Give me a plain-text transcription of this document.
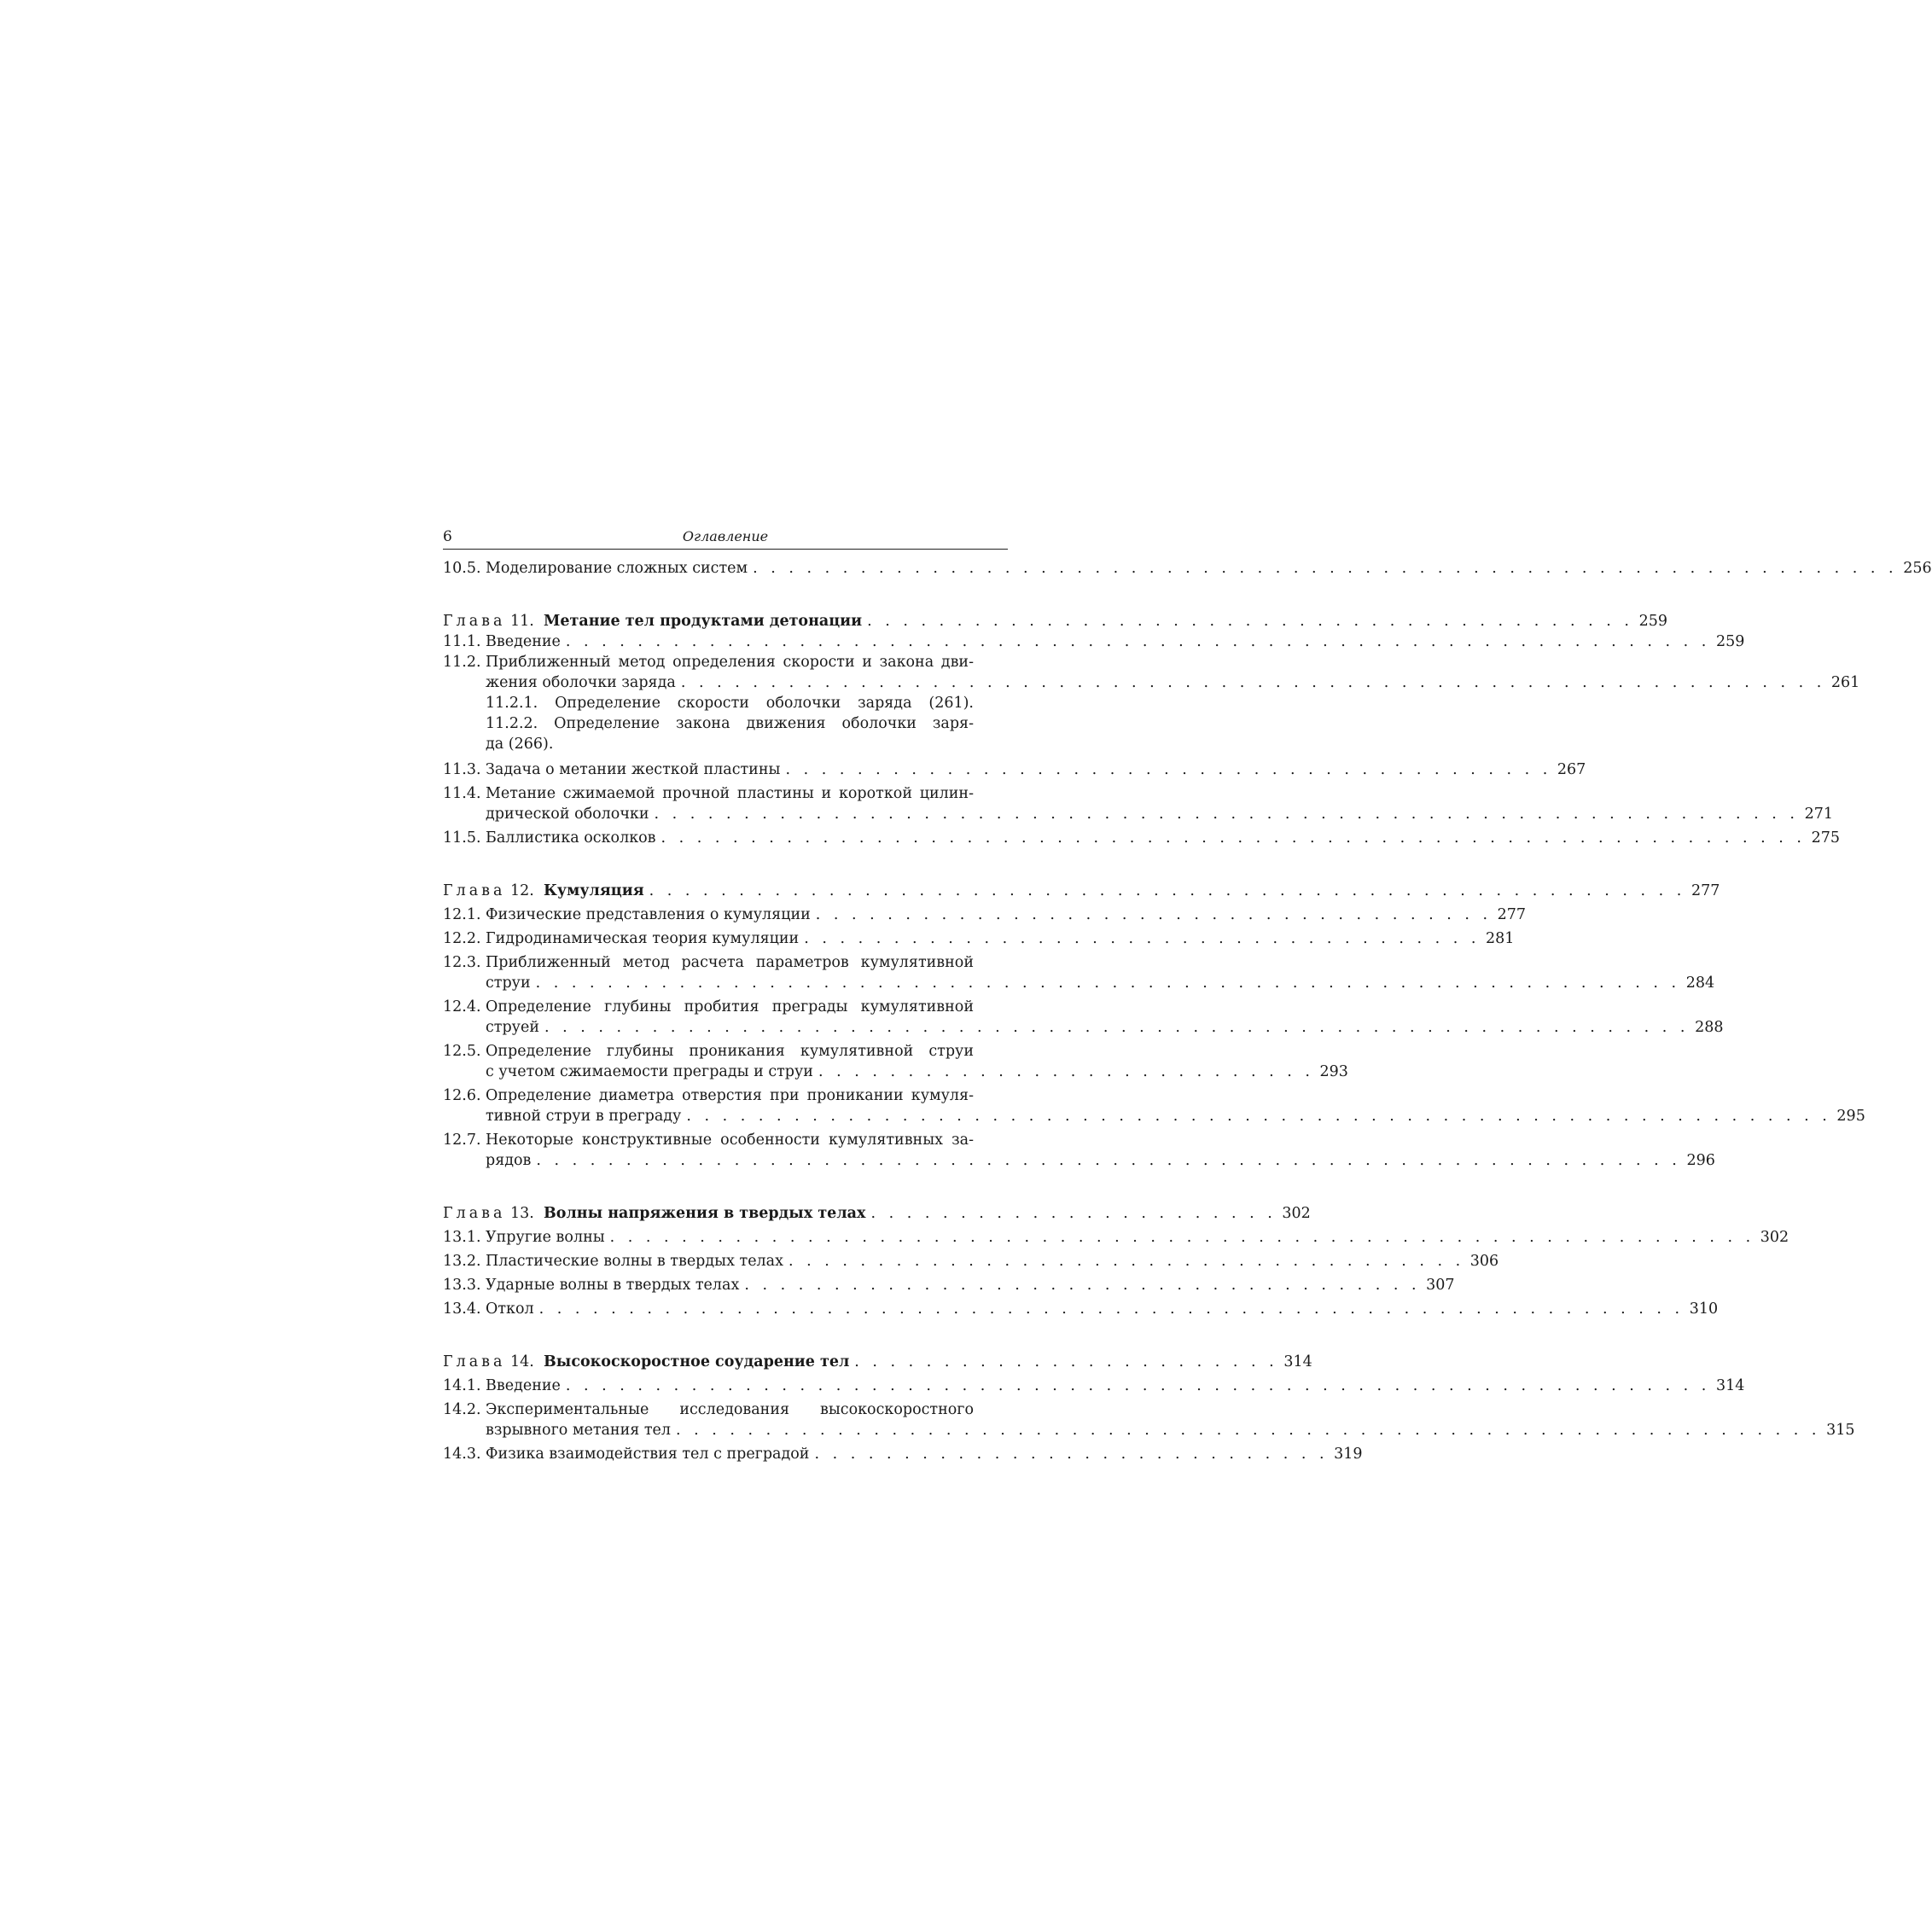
6	Оглавление
10.5. Моделирование сложных систем . . . . . . . . . . . . . . . . . . . . . . . . . . . . . . . . . . . . . . . . . . . . . . . . . . . . . . . . . . . . . . . . 256
Глава 11. Метание тел продуктами детонации . . . . . . . . . . . . . . . . . . . . . . . . . . . . . . . . . . . . . . . . . . . 259
11.1. Введение . . . . . . . . . . . . . . . . . . . . . . . . . . . . . . . . . . . . . . . . . . . . . . . . . . . . . . . . . . . . . . . . 259
11.2. Приближенный метод определения скорости и закона дви-
жения оболочки заряда . . . . . . . . . . . . . . . . . . . . . . . . . . . . . . . . . . . . . . . . . . . . . . . . . . . . . . . . . . . . . . . . 261
11.2.1. Определение скорости оболочки заряда (261).
11.2.2. Определение закона движения оболочки заря-
да (266).
11.3. Задача о метании жесткой пластины . . . . . . . . . . . . . . . . . . . . . . . . . . . . . . . . . . . . . . . . . . . 267
11.4. Метание сжимаемой прочной пластины и короткой цилин-
дрической оболочки . . . . . . . . . . . . . . . . . . . . . . . . . . . . . . . . . . . . . . . . . . . . . . . . . . . . . . . . . . . . . . . . 271
11.5. Баллистика осколков . . . . . . . . . . . . . . . . . . . . . . . . . . . . . . . . . . . . . . . . . . . . . . . . . . . . . . . . . . . . . . . . 275
Глава 12. Кумуляция . . . . . . . . . . . . . . . . . . . . . . . . . . . . . . . . . . . . . . . . . . . . . . . . . . . . . . . . . . 277
12.1. Физические представления о кумуляции . . . . . . . . . . . . . . . . . . . . . . . . . . . . . . . . . . . . . . 277
12.2. Гидродинамическая теория кумуляции . . . . . . . . . . . . . . . . . . . . . . . . . . . . . . . . . . . . . . 281
12.3. Приближенный метод расчета параметров кумулятивной
струи . . . . . . . . . . . . . . . . . . . . . . . . . . . . . . . . . . . . . . . . . . . . . . . . . . . . . . . . . . . . . . . . 284
12.4. Определение глубины пробития преграды кумулятивной
струей . . . . . . . . . . . . . . . . . . . . . . . . . . . . . . . . . . . . . . . . . . . . . . . . . . . . . . . . . . . . . . . . 288
12.5. Определение глубины проникания кумулятивной струи
с учетом сжимаемости преграды и струи . . . . . . . . . . . . . . . . . . . . . . . . . . . . 293
12.6. Определение диаметра отверстия при проникании кумуля-
тивной струи в преграду . . . . . . . . . . . . . . . . . . . . . . . . . . . . . . . . . . . . . . . . . . . . . . . . . . . . . . . . . . . . . . . . 295
12.7. Некоторые конструктивные особенности кумулятивных за-
рядов . . . . . . . . . . . . . . . . . . . . . . . . . . . . . . . . . . . . . . . . . . . . . . . . . . . . . . . . . . . . . . . . 296
Глава 13. Волны напряжения в твердых телах . . . . . . . . . . . . . . . . . . . . . . . 302
13.1. Упругие волны . . . . . . . . . . . . . . . . . . . . . . . . . . . . . . . . . . . . . . . . . . . . . . . . . . . . . . . . . . . . . . . . 302
13.2. Пластические волны в твердых телах . . . . . . . . . . . . . . . . . . . . . . . . . . . . . . . . . . . . . . 306
13.3. Ударные волны в твердых телах . . . . . . . . . . . . . . . . . . . . . . . . . . . . . . . . . . . . . . 307
13.4. Откол . . . . . . . . . . . . . . . . . . . . . . . . . . . . . . . . . . . . . . . . . . . . . . . . . . . . . . . . . . . . . . . . 310
Глава 14. Высокоскоростное соударение тел . . . . . . . . . . . . . . . . . . . . . . . . 314
14.1. Введение . . . . . . . . . . . . . . . . . . . . . . . . . . . . . . . . . . . . . . . . . . . . . . . . . . . . . . . . . . . . . . . . 314
14.2. Экспериментальные исследования высокоскоростного
взрывного метания тел . . . . . . . . . . . . . . . . . . . . . . . . . . . . . . . . . . . . . . . . . . . . . . . . . . . . . . . . . . . . . . . . 315
14.3. Физика взаимодействия тел с преградой . . . . . . . . . . . . . . . . . . . . . . . . . . . . . 319
